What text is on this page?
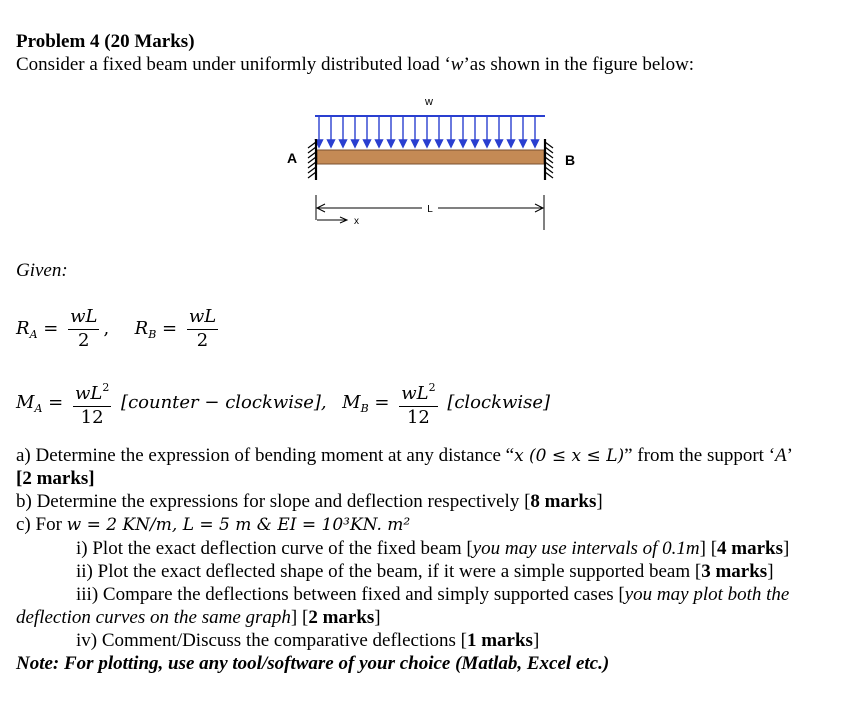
Problem 4 (20 Marks)
Consider a fixed beam under uniformly distributed load ‘w’as shown in the figure below:
w
A	B
L
x
Given:
$R_A = \frac{wL}{2}$ , $R_B = \frac{wL}{2}$
$M_A = \frac{wL^2}{12}$ [counter − clockwise], $M_B = \frac{wL^2}{12}$ [clockwise]
a) Determine the expression of bending moment at any distance “x (0 ≤ x ≤ L)” from the support ‘A’
[2 marks]
b) Determine the expressions for slope and deflection respectively [8 marks]
c) For w = 2 KN/m, L = 5 m & EI = 10³KN. m²
i) Plot the exact deflection curve of the fixed beam [you may use intervals of 0.1m] [4 marks]
ii) Plot the exact deflected shape of the beam, if it were a simple supported beam [3 marks]
iii) Compare the deflections between fixed and simply supported cases [you may plot both the
deflection curves on the same graph] [2 marks]
iv) Comment/Discuss the comparative deflections [1 marks]
Note: For plotting, use any tool/software of your choice (Matlab, Excel etc.)
